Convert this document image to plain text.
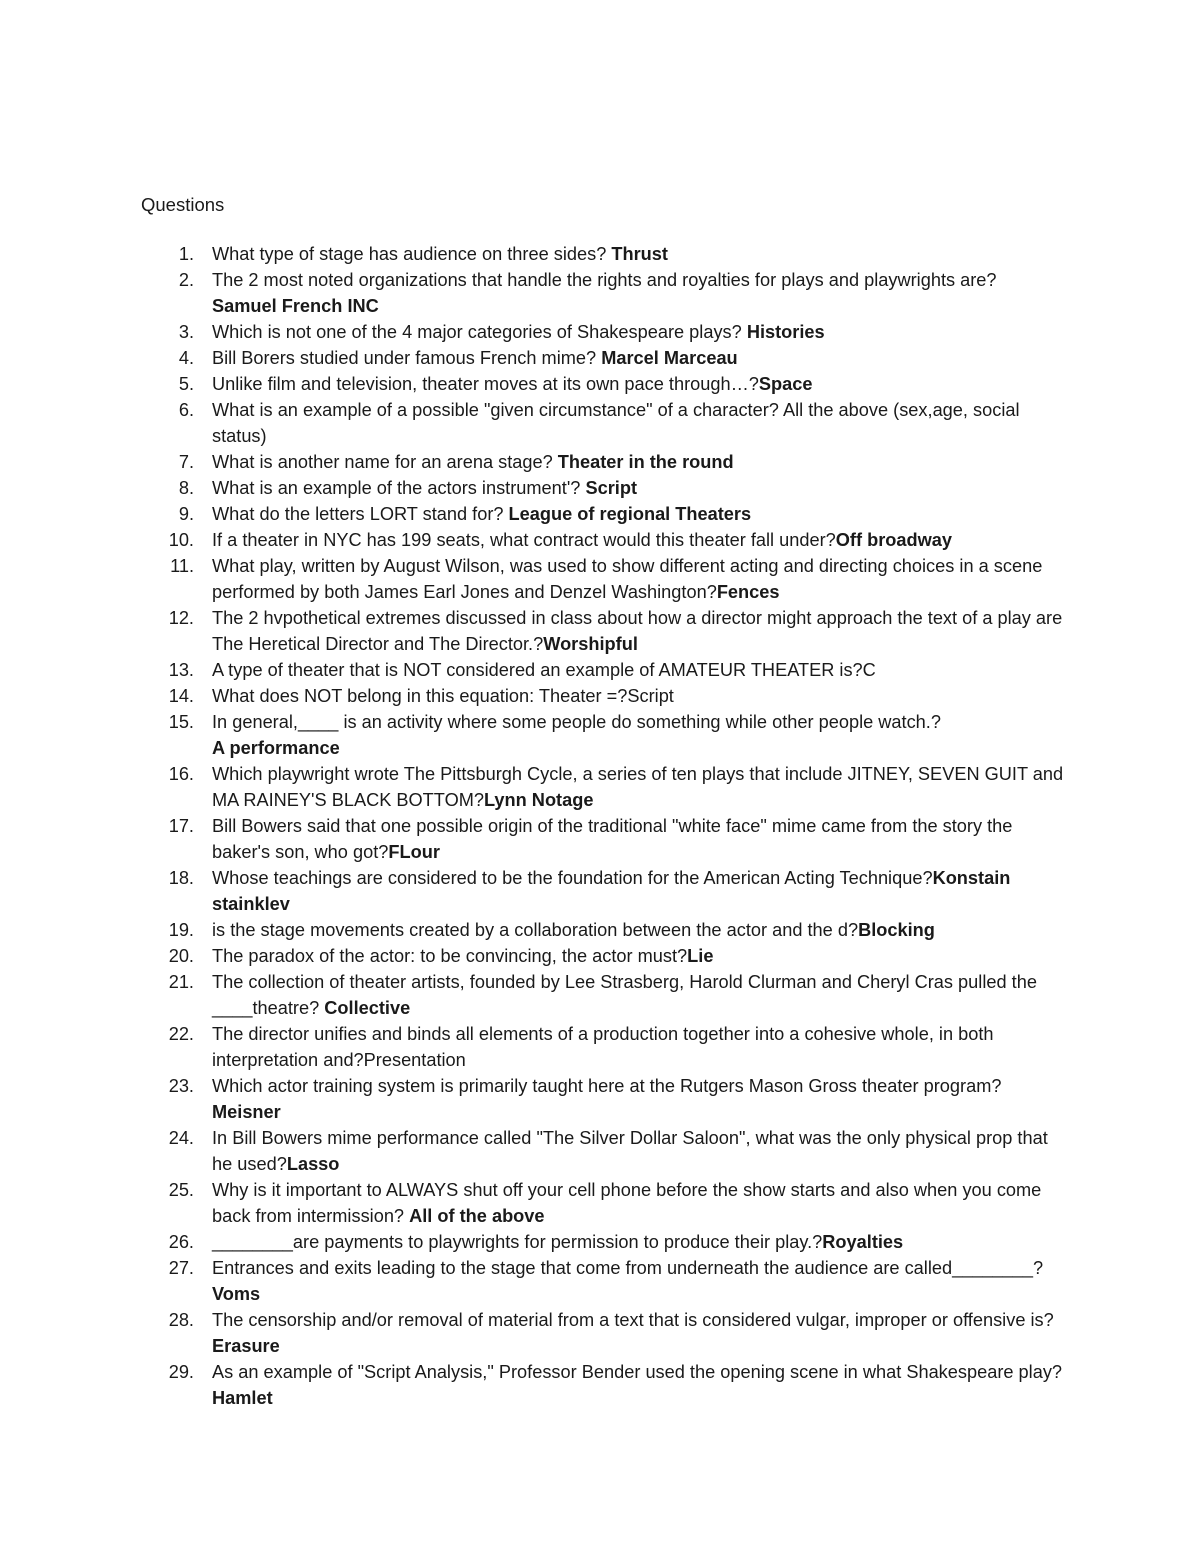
Questions
1. What type of stage has audience on three sides? Thrust
2. The 2 most noted organizations that handle the rights and royalties for plays and playwrights are?
Samuel French INC
3. Which is not one of the 4 major categories of Shakespeare plays? Histories
4. Bill Borers studied under famous French mime? Marcel Marceau
5. Unlike film and television, theater moves at its own pace through…?Space
6. What is an example of a possible "given circumstance" of a character? All the above (sex,age, social status)
7. What is another name for an arena stage? Theater in the round
8. What is an example of the actors instrument'? Script
9. What do the letters LORT stand for? League of regional Theaters
10. If a theater in NYC has 199 seats, what contract would this theater fall under?Off broadway
11. What play, written by August Wilson, was used to show different acting and directing choices in a scene performed by both James Earl Jones and Denzel Washington?Fences
12. The 2 hvpothetical extremes discussed in class about how a director might approach the text of a play are The Heretical Director and The Director.?Worshipful
13. A type of theater that is NOT considered an example of AMATEUR THEATER is?C
14. What does NOT belong in this equation: Theater =?Script
15. In general,____ is an activity where some people do something while other people watch.?
A performance
16. Which playwright wrote The Pittsburgh Cycle, a series of ten plays that include JITNEY, SEVEN GUIT and MA RAINEY'S BLACK BOTTOM?Lynn Notage
17. Bill Bowers said that one possible origin of the traditional "white face" mime came from the story the baker's son, who got?FLour
18. Whose teachings are considered to be the foundation for the American Acting Technique?Konstain stainklev
19. is the stage movements created by a collaboration between the actor and the d?Blocking
20. The paradox of the actor: to be convincing, the actor must?Lie
21. The collection of theater artists, founded by Lee Strasberg, Harold Clurman and Cheryl Cras pulled the ____theatre? Collective
22. The director unifies and binds all elements of a production together into a cohesive whole, in both interpretation and?Presentation
23. Which actor training system is primarily taught here at the Rutgers Mason Gross theater program? Meisner
24. In Bill Bowers mime performance called "The Silver Dollar Saloon", what was the only physical prop that he used?Lasso
25. Why is it important to ALWAYS shut off your cell phone before the show starts and also when you come back from intermission? All of the above
26. ________are payments to playwrights for permission to produce their play.?Royalties
27. Entrances and exits leading to the stage that come from underneath the audience are called________? Voms
28. The censorship and/or removal of material from a text that is considered vulgar, improper or offensive is? Erasure
29. As an example of "Script Analysis," Professor Bender used the opening scene in what Shakespeare play? Hamlet
